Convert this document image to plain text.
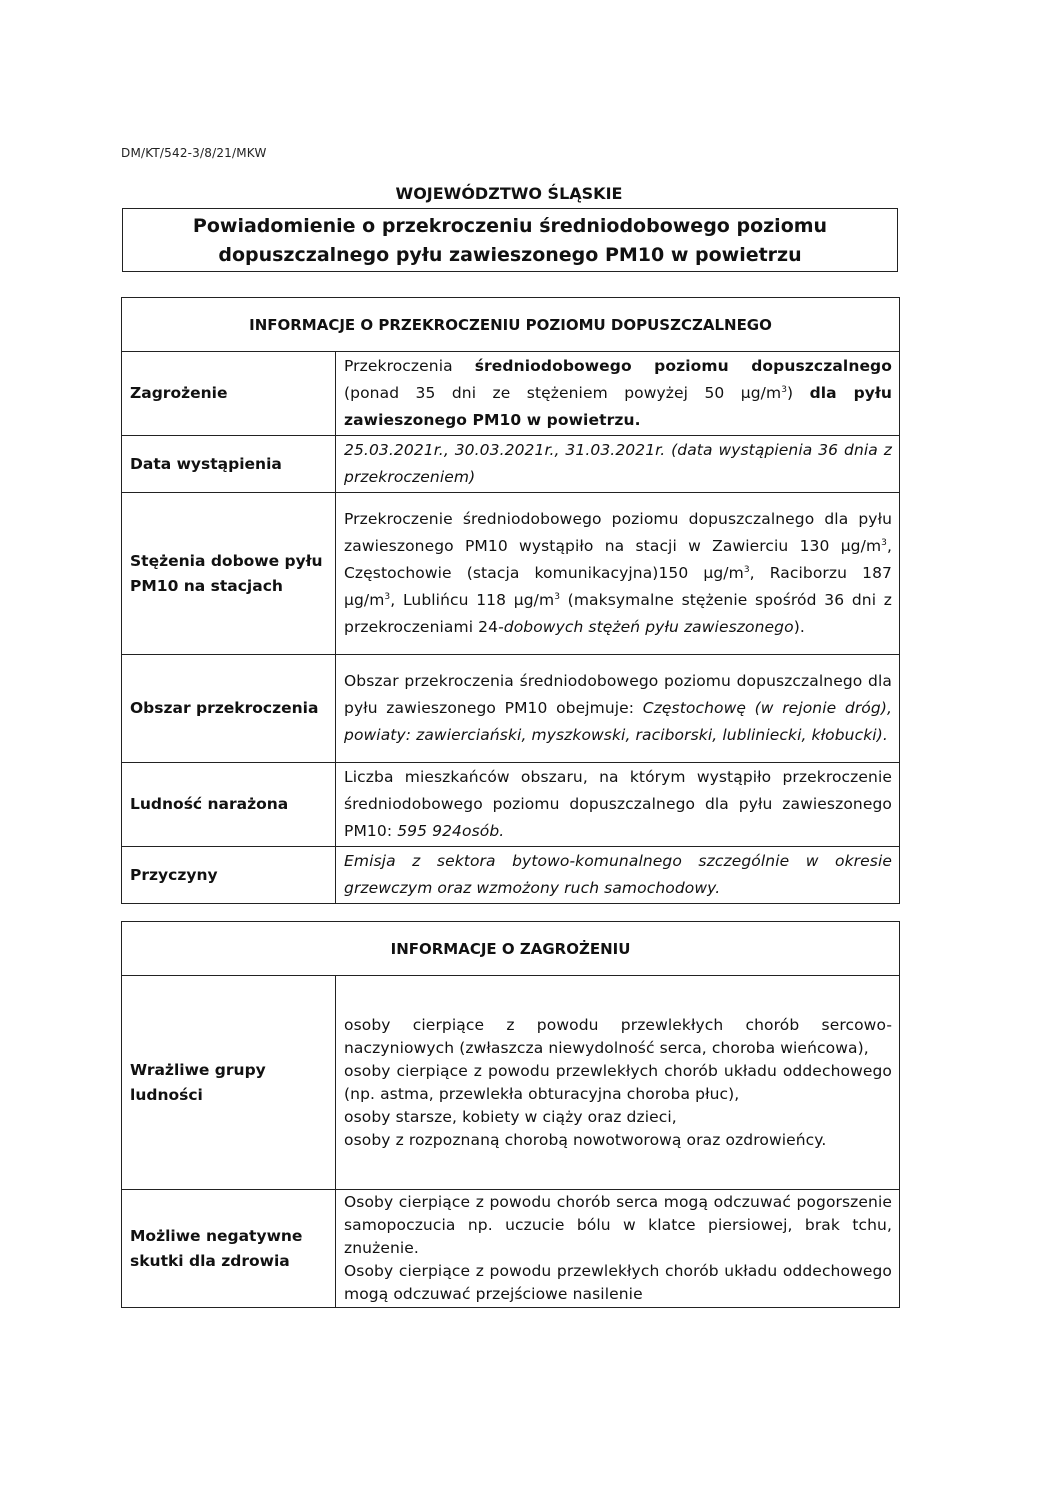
DM/KT/542-3/8/21/MKW
WOJEWÓDZTWO ŚLĄSKIE
Powiadomienie o przekroczeniu średniodobowego poziomu
dopuszczalnego pyłu zawieszonego PM10 w powietrzu
INFORMACJE O PRZEKROCZENIU POZIOMU DOPUSZCZALNEGO	
Zagrożenie	Przekroczenia średniodobowego poziomu dopuszczalnego (ponad 35 dni ze stężeniem powyżej 50 $\mu g/m^3$) dla pyłu zawieszonego PM10 w powietrzu.
Data wystąpienia	25.03.2021r., 30.03.2021r., 31.03.2021r. (data wystąpienia 36 dnia z przekroczeniem)
Stężenia dobowe pyłu PM10 na stacjach	Przekroczenie średniodobowego poziomu dopuszczalnego dla pyłu zawieszonego PM10 wystąpiło na stacji w Zawierciu 130 $\mu g/m^3$, Częstochowie (stacja komunikacyjna)150 $\mu g/m^3$, Raciborzu 187 $\mu g/m^3$, Lublińcu 118 $\mu g/m^3$ (maksymalne stężenie spośród 36 dni z przekroczeniami 24-dobowych stężeń pyłu zawieszonego).
Obszar przekroczenia	Obszar przekroczenia średniodobowego poziomu dopuszczalnego dla pyłu zawieszonego PM10 obejmuje: Częstochowę (w rejonie dróg), powiaty: zawierciański, myszkowski, raciborski, lubliniecki, kłobucki).
Ludność narażona	Liczba mieszkańców obszaru, na którym wystąpiło przekroczenie średniodobowego poziomu dopuszczalnego dla pyłu zawieszonego PM10: 595 924osób.
Przyczyny	Emisja z sektora bytowo-komunalnego szczególnie w okresie grzewczym oraz wzmożony ruch samochodowy.
INFORMACJE O ZAGROŻENIU	
Wrażliwe grupy ludności	osoby cierpiące z powodu przewlekłych chorób sercowo-naczyniowych (zwłaszcza niewydolność serca, choroba wieńcowa),
osoby cierpiące z powodu przewlekłych chorób układu oddechowego (np. astma, przewlekła obturacyjna choroba płuc),
osoby starsze, kobiety w ciąży oraz dzieci,
osoby z rozpoznaną chorobą nowotworową oraz ozdrowieńcy.

Możliwe negatywne skutki dla zdrowia	Osoby cierpiące z powodu chorób serca mogą odczuwać pogorszenie samopoczucia np. uczucie bólu w klatce piersiowej, brak tchu, znużenie.
Osoby cierpiące z powodu przewlekłych chorób układu oddechowego mogą odczuwać przejściowe nasilenie
